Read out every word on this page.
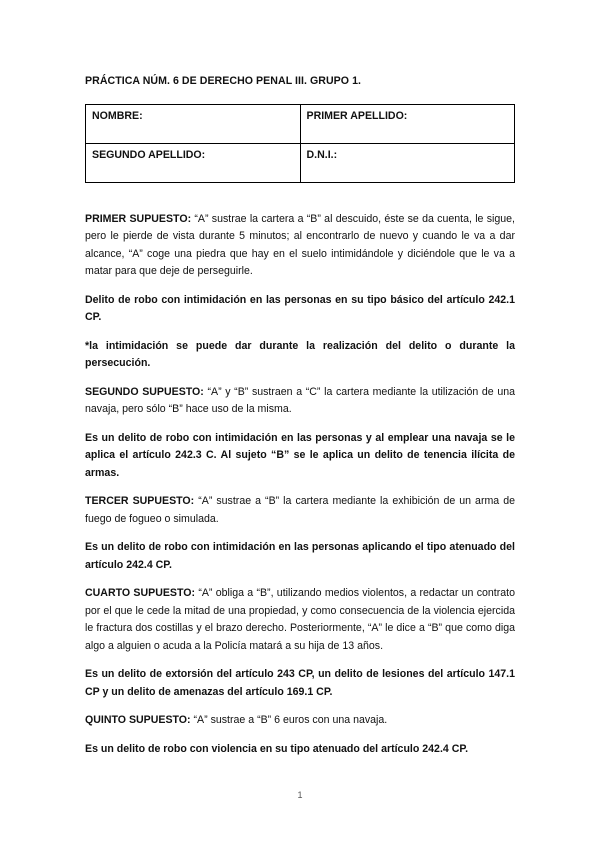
PRÁCTICA NÚM. 6 DE DERECHO PENAL III. GRUPO 1.
NOMBRE:	PRIMER APELLIDO:
SEGUNDO APELLIDO:	D.N.I.:

PRIMER SUPUESTO: “A” sustrae la cartera a “B” al descuido, éste se da cuenta, le sigue, pero le pierde de vista durante 5 minutos; al encontrarlo de nuevo y cuando le va a dar alcance, “A” coge una piedra que hay en el suelo intimidándole y diciéndole que le va a matar para que deje de perseguirle.

Delito de robo con intimidación en las personas en su tipo básico del artículo 242.1 CP.

*la intimidación se puede dar durante la realización del delito o durante la persecución.

SEGUNDO SUPUESTO: “A” y “B” sustraen a “C” la cartera mediante la utilización de una navaja, pero sólo “B” hace uso de la misma.

Es un delito de robo con intimidación en las personas y al emplear una navaja se le aplica el artículo 242.3 C. Al sujeto “B” se le aplica un delito de tenencia ilícita de armas.

TERCER SUPUESTO: “A” sustrae a “B” la cartera mediante la exhibición de un arma de fuego de fogueo o simulada.

Es un delito de robo con intimidación en las personas aplicando el tipo atenuado del artículo 242.4 CP.

CUARTO SUPUESTO: “A” obliga a “B”, utilizando medios violentos, a redactar un contrato por el que le cede la mitad de una propiedad, y como consecuencia de la violencia ejercida le fractura dos costillas y el brazo derecho. Posteriormente, “A” le dice a “B” que como diga algo a alguien o acuda a la Policía matará a su hija de 13 años.

Es un delito de extorsión del artículo 243 CP, un delito de lesiones del artículo 147.1 CP y un delito de amenazas del artículo 169.1 CP.

QUINTO SUPUESTO: “A” sustrae a “B” 6 euros con una navaja.

Es un delito de robo con violencia en su tipo atenuado del artículo 242.4 CP.

1
